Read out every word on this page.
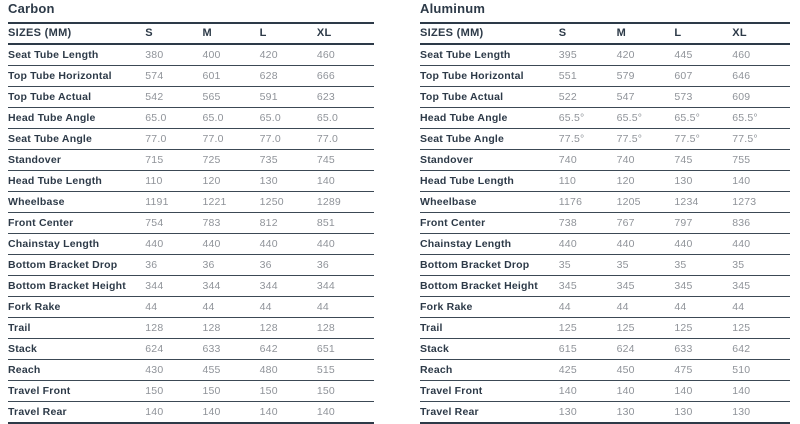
Carbon
SIZES (MM)	S	M	L	XL
Seat Tube Length	380	400	420	460
Top Tube Horizontal	574	601	628	666
Top Tube Actual	542	565	591	623
Head Tube Angle	65.0	65.0	65.0	65.0
Seat Tube Angle	77.0	77.0	77.0	77.0
Standover	715	725	735	745
Head Tube Length	110	120	130	140
Wheelbase	1191	1221	1250	1289
Front Center	754	783	812	851
Chainstay Length	440	440	440	440
Bottom Bracket Drop	36	36	36	36
Bottom Bracket Height	344	344	344	344
Fork Rake	44	44	44	44
Trail	128	128	128	128
Stack	624	633	642	651
Reach	430	455	480	515
Travel Front	150	150	150	150
Travel Rear	140	140	140	140
Aluminum
SIZES (MM)	S	M	L	XL
Seat Tube Length	395	420	445	460
Top Tube Horizontal	551	579	607	646
Top Tube Actual	522	547	573	609
Head Tube Angle	65.5°	65.5°	65.5°	65.5°
Seat Tube Angle	77.5°	77.5°	77.5°	77.5°
Standover	740	740	745	755
Head Tube Length	110	120	130	140
Wheelbase	1176	1205	1234	1273
Front Center	738	767	797	836
Chainstay Length	440	440	440	440
Bottom Bracket Drop	35	35	35	35
Bottom Bracket Height	345	345	345	345
Fork Rake	44	44	44	44
Trail	125	125	125	125
Stack	615	624	633	642
Reach	425	450	475	510
Travel Front	140	140	140	140
Travel Rear	130	130	130	130
